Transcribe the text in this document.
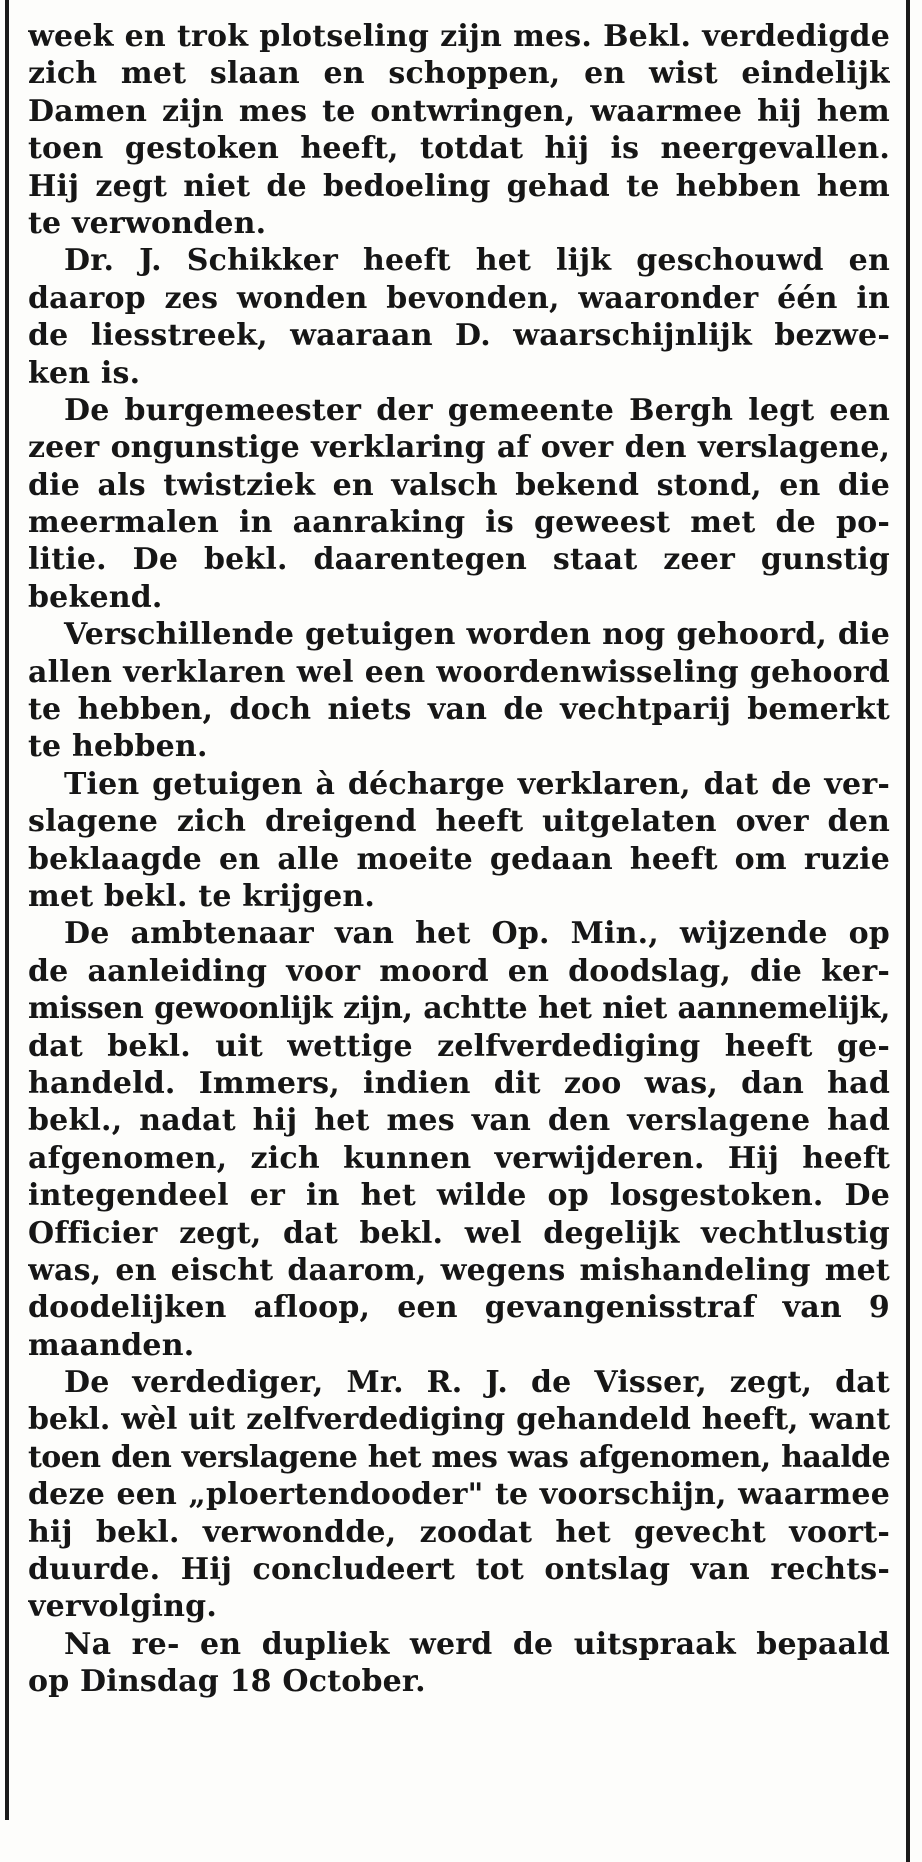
week en trok plotseling zijn mes. Bekl. verdedigde
zich met slaan en schoppen, en wist eindelijk
Damen zijn mes te ontwringen, waarmee hij hem
toen gestoken heeft, totdat hij is neergevallen.
Hij zegt niet de bedoeling gehad te hebben hem
te verwonden.
Dr. J. Schikker heeft het lijk geschouwd en
daarop zes wonden bevonden, waaronder één in
de liesstreek, waaraan D. waarschijnlijk bezwe-
ken is.
De burgemeester der gemeente Bergh legt een
zeer ongunstige verklaring af over den verslagene,
die als twistziek en valsch bekend stond, en die
meermalen in aanraking is geweest met de po-
litie. De bekl. daarentegen staat zeer gunstig
bekend.
Verschillende getuigen worden nog gehoord, die
allen verklaren wel een woordenwisseling gehoord
te hebben, doch niets van de vechtparij bemerkt
te hebben.
Tien getuigen à décharge verklaren, dat de ver-
slagene zich dreigend heeft uitgelaten over den
beklaagde en alle moeite gedaan heeft om ruzie
met bekl. te krijgen.
De ambtenaar van het Op. Min., wijzende op
de aanleiding voor moord en doodslag, die ker-
missen gewoonlijk zijn, achtte het niet aannemelijk,
dat bekl. uit wettige zelfverdediging heeft ge-
handeld. Immers, indien dit zoo was, dan had
bekl., nadat hij het mes van den verslagene had
afgenomen, zich kunnen verwijderen. Hij heeft
integendeel er in het wilde op losgestoken. De
Officier zegt, dat bekl. wel degelijk vechtlustig
was, en eischt daarom, wegens mishandeling met
doodelijken afloop, een gevangenisstraf van 9
maanden.
De verdediger, Mr. R. J. de Visser, zegt, dat
bekl. wèl uit zelfverdediging gehandeld heeft, want
toen den verslagene het mes was afgenomen, haalde
deze een „ploertendooder" te voorschijn, waarmee
hij bekl. verwondde, zoodat het gevecht voort-
duurde. Hij concludeert tot ontslag van rechts-
vervolging.
Na re- en dupliek werd de uitspraak bepaald
op Dinsdag 18 October.
